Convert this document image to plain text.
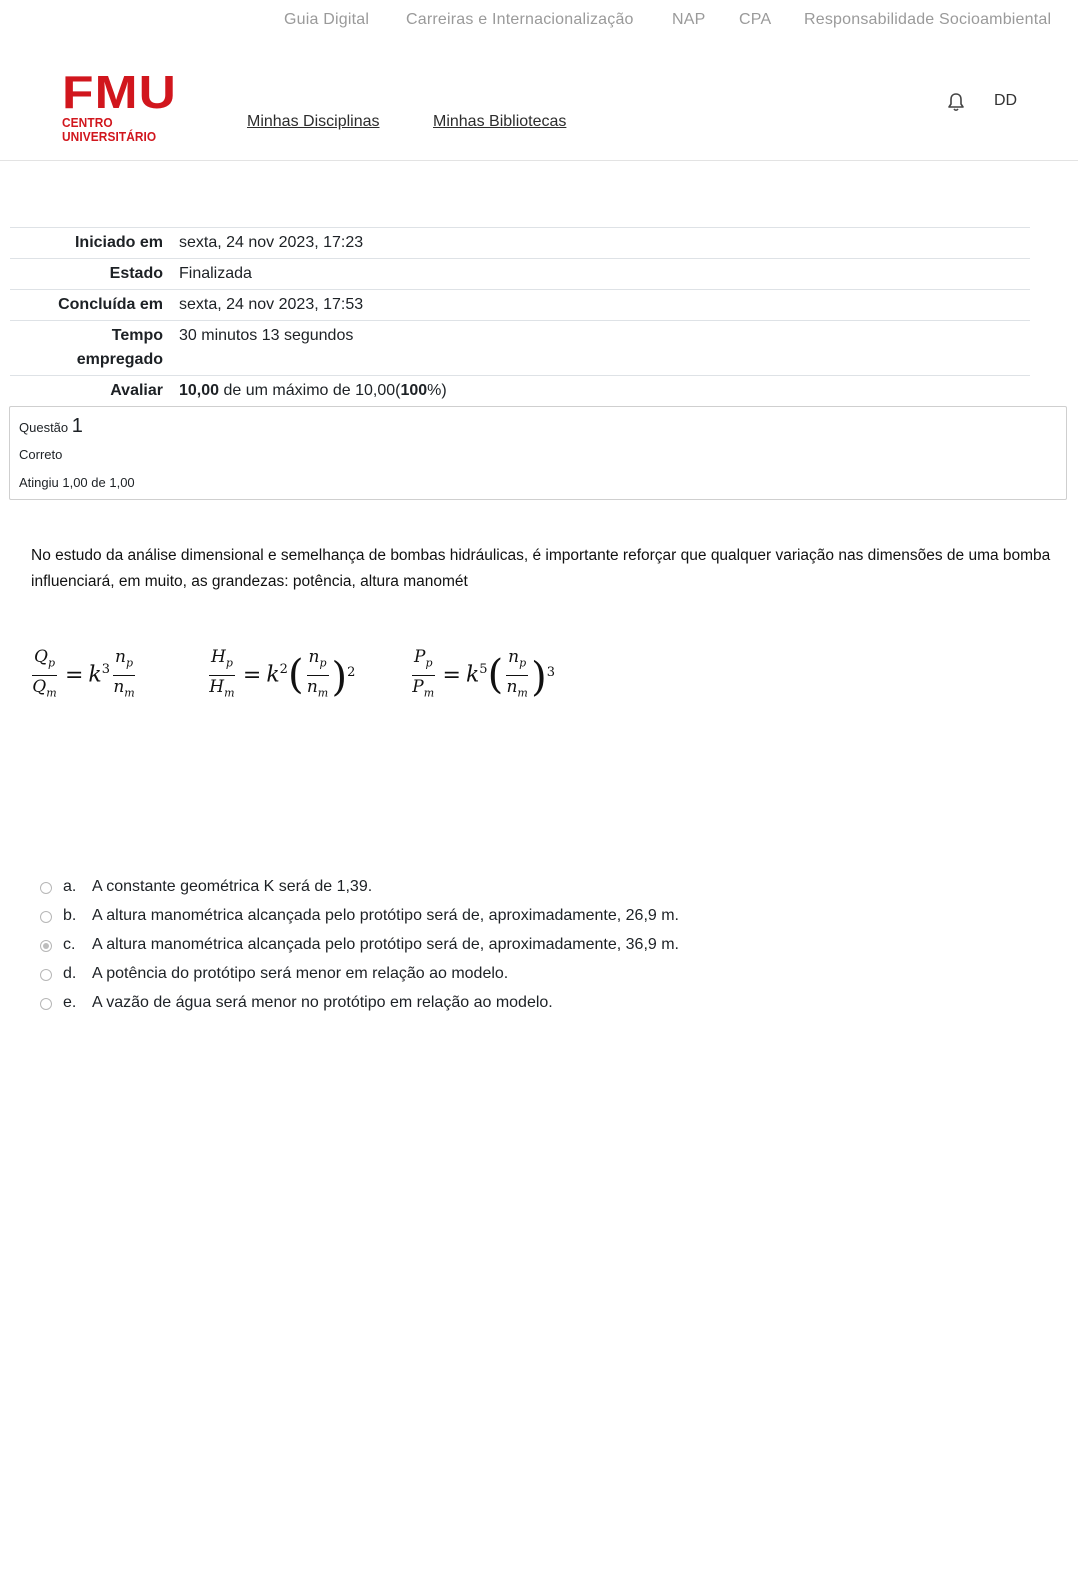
Guia Digital Carreiras e Internacionalização NAP CPA Responsabilidade Socioambiental
FMU
CENTRO UNIVERSITÁRIO
Minhas Disciplinas	Minhas Bibliotecas
DD
Iniciado em	sexta, 24 nov 2023, 17:23
Estado	Finalizada
Concluída em	sexta, 24 nov 2023, 17:53
Tempo
empregado	30 minutos 13 segundos
Avaliar	10,00 de um máximo de 10,00(100%)
Questão 1
Correto
Atingiu 1,00 de 1,00
No estudo da análise dimensional e semelhança de bombas hidráulicas, é importante reforçar que qualquer variação nas dimensões de uma bomba influenciará, em muito, as grandezas: potência, altura manomét
$\frac{Q_p}{Q_m} = k^3 \frac{n_p}{n_m}$	$\frac{H_p}{H_m} = k^2$ ( $\frac{n_p}{n_m} )^2$	$\frac{P_p}{P_m} = k^5$ ( $\frac{n_p}{n_m} )^3$
a. A constante geométrica K será de 1,39.
b. A altura manométrica alcançada pelo protótipo será de, aproximadamente, 26,9 m.
c. A altura manométrica alcançada pelo protótipo será de, aproximadamente, 36,9 m.
d. A potência do protótipo será menor em relação ao modelo.
e. A vazão de água será menor no protótipo em relação ao modelo.
